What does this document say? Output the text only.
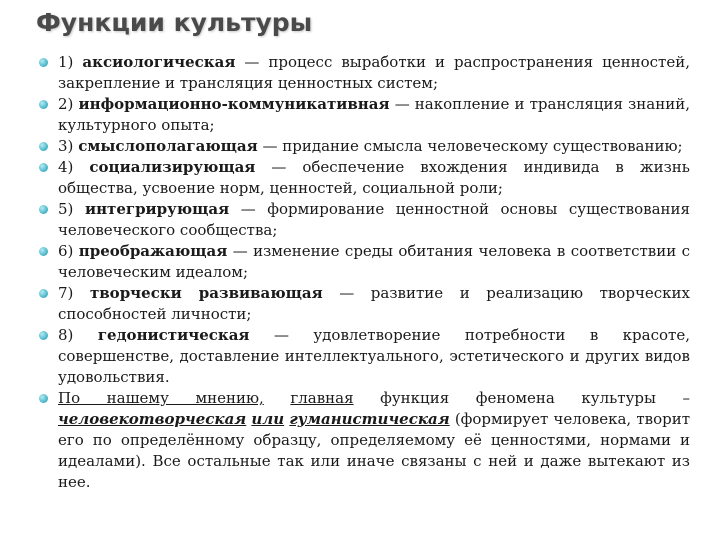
Функции культуры
1) аксиологическая — процесс выработки и распространения ценностей, закрепление и трансляция ценностных систем;
2) информационно-коммуникативная — накопление и трансляция знаний, культурного опыта;
3) смыслополагающая — придание смысла человеческому существованию;
4) социализирующая — обеспечение вхождения индивида в жизнь общества, усвоение норм, ценностей, социальной роли;
5) интегрирующая — формирование ценностной основы существования человеческого сообщества;
6) преображающая — изменение среды обитания человека в соответствии с человеческим идеалом;
7) творчески развивающая — развитие и реализацию творческих способностей личности;
8) гедонистическая — удовлетворение потребности в красоте, совершенстве, доставление интеллектуального, эстетического и других видов удовольствия.
По нашему мнению, главная функция феномена культуры – человекотворческая или гуманистическая (формирует человека, творит его по определённому образцу, определяемому её ценностями, нормами и идеалами). Все остальные так или иначе связаны с ней и даже вытекают из нее.
